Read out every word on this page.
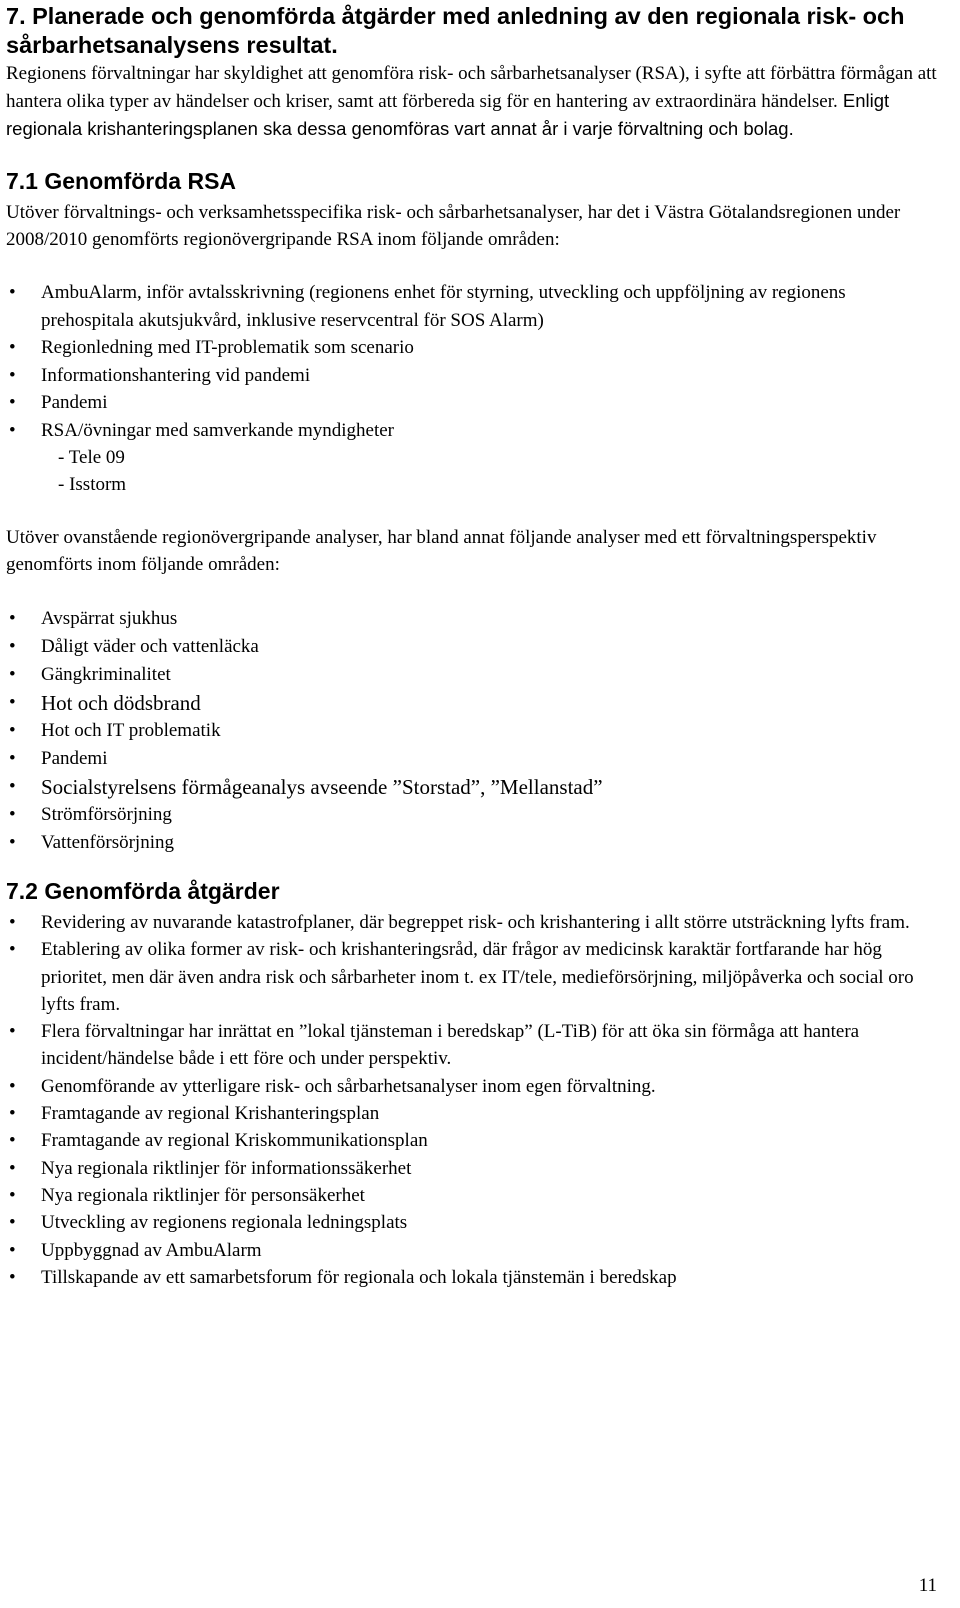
7. Planerade och genomförda åtgärder med anledning av den regionala risk- och sårbarhetsanalysens resultat.

Regionens förvaltningar har skyldighet att genomföra risk- och sårbarhetsanalyser (RSA), i syfte att förbättra förmågan att hantera olika typer av händelser och kriser, samt att förbereda sig för en hantering av extraordinära händelser. Enligt regionala krishanteringsplanen ska dessa genomföras vart annat år i varje förvaltning och bolag.

7.1 Genomförda RSA

Utöver förvaltnings- och verksamhetsspecifika risk- och sårbarhetsanalyser, har det i Västra Götalandsregionen under 2008/2010 genomförts regionövergripande RSA inom följande områden:

• AmbuAlarm, inför avtalsskrivning (regionens enhet för styrning, utveckling och uppföljning av regionens prehospitala akutsjukvård, inklusive reservcentral för SOS Alarm)
• Regionledning med IT-problematik som scenario
• Informationshantering vid pandemi
• Pandemi
• RSA/övningar med samverkande myndigheter
- Tele 09
- Isstorm

Utöver ovanstående regionövergripande analyser, har bland annat följande analyser med ett förvaltningsperspektiv genomförts inom följande områden:

• Avspärrat sjukhus
• Dåligt väder och vattenläcka
• Gängkriminalitet
• Hot och dödsbrand
• Hot och IT problematik
• Pandemi
• Socialstyrelsens förmågeanalys avseende ”Storstad”, ”Mellanstad”
• Strömförsörjning
• Vattenförsörjning
7.2 Genomförda åtgärder
• Revidering av nuvarande katastrofplaner, där begreppet risk- och krishantering i allt större utsträckning lyfts fram.
• Etablering av olika former av risk- och krishanteringsråd, där frågor av medicinsk karaktär fortfarande har hög prioritet, men där även andra risk och sårbarheter inom t. ex IT/tele, medieförsörjning, miljöpåverka och social oro lyfts fram.
• Flera förvaltningar har inrättat en ”lokal tjänsteman i beredskap” (L-TiB) för att öka sin förmåga att hantera incident/händelse både i ett före och under perspektiv.
• Genomförande av ytterligare risk- och sårbarhetsanalyser inom egen förvaltning.
• Framtagande av regional Krishanteringsplan
• Framtagande av regional Kriskommunikationsplan
• Nya regionala riktlinjer för informationssäkerhet
• Nya regionala riktlinjer för personsäkerhet
• Utveckling av regionens regionala ledningsplats
• Uppbyggnad av AmbuAlarm
• Tillskapande av ett samarbetsforum för regionala och lokala tjänstemän i beredskap
11
